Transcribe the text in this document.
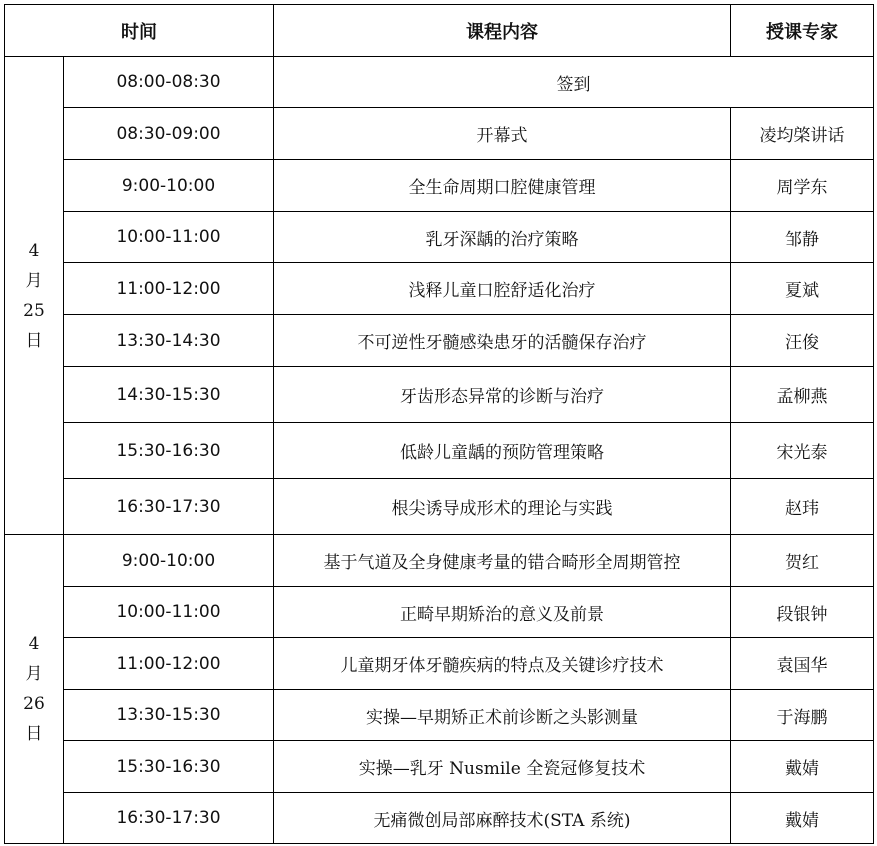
时间		课程内容	授课专家

4
月
25
日	08:00-08:30	签到	
	08:30-09:00	开幕式	凌均棨讲话
	9:00-10:00	全生命周期口腔健康管理	周学东
	10:00-11:00	乳牙深龋的治疗策略	邹静
	11:00-12:00	浅释儿童口腔舒适化治疗	夏斌
	13:30-14:30	不可逆性牙髓感染患牙的活髓保存治疗	汪俊
	14:30-15:30	牙齿形态异常的诊断与治疗	孟柳燕
	15:30-16:30	低龄儿童龋的预防管理策略	宋光泰
	16:30-17:30	根尖诱导成形术的理论与实践	赵玮

4
月
26
日	9:00-10:00	基于气道及全身健康考量的错合畸形全周期管控	贺红
	10:00-11:00	正畸早期矫治的意义及前景	段银钟
	11:00-12:00	儿童期牙体牙髓疾病的特点及关键诊疗技术	袁国华
	13:30-15:30	实操—早期矫正术前诊断之头影测量	于海鹏
	15:30-16:30	实操—乳牙 Nusmile 全瓷冠修复技术	戴婧
	16:30-17:30	无痛微创局部麻醉技术(STA 系统)	戴婧
